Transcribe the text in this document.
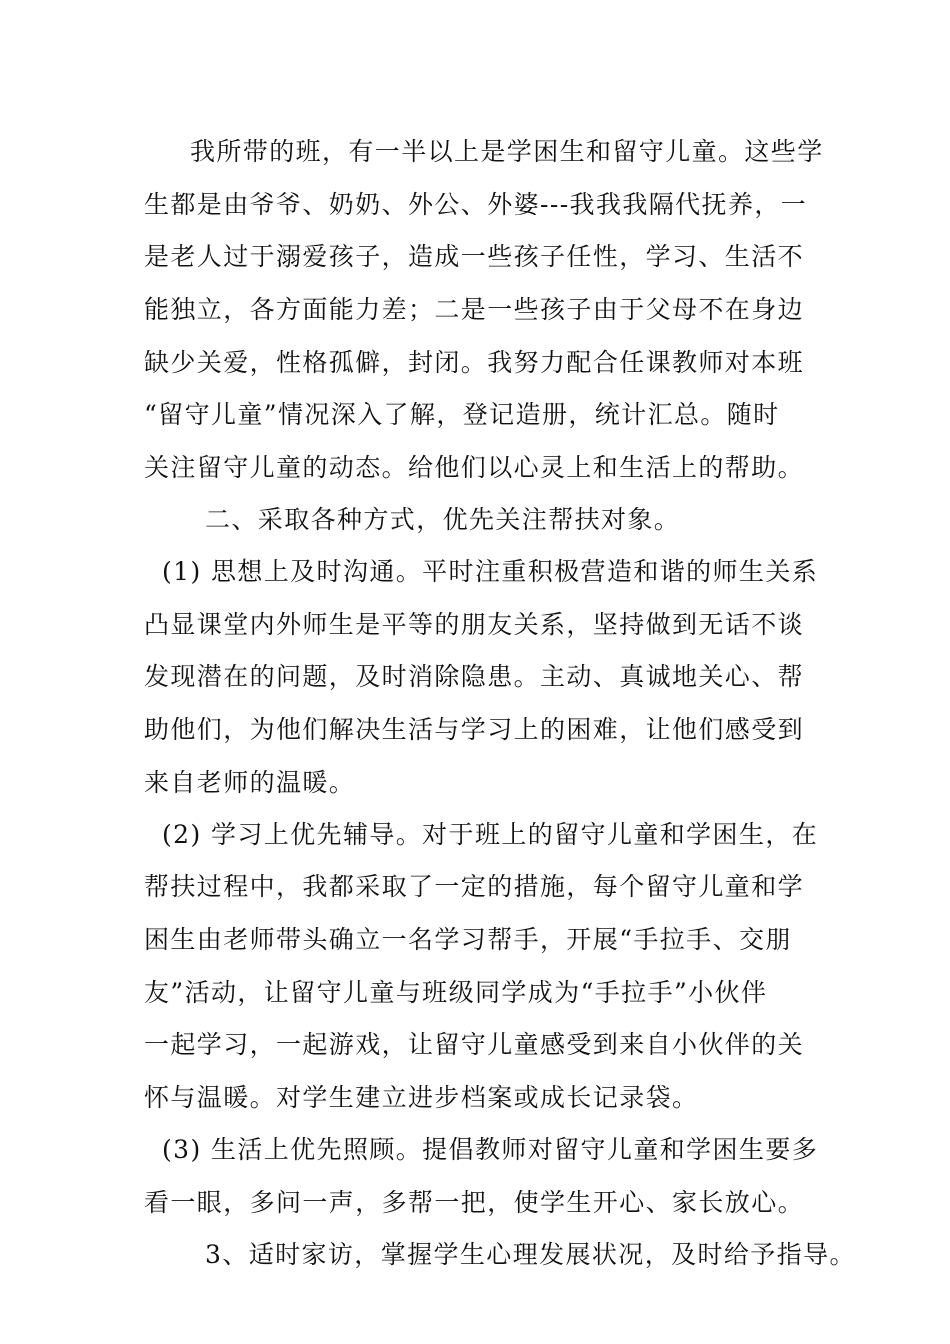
我所带的班，有一半以上是学困生和留守儿童。这些学
生都是由爷爷、奶奶、外公、外婆---我我我隔代抚养，一
是老人过于溺爱孩子，造成一些孩子任性，学习、生活不
能独立，各方面能力差；二是一些孩子由于父母不在身边
缺少关爱，性格孤僻，封闭。我努力配合任课教师对本班
“留守儿童”情况深入了解，登记造册，统计汇总。随时
关注留守儿童的动态。给他们以心灵上和生活上的帮助。
二、采取各种方式，优先关注帮扶对象。
(1) 思想上及时沟通。平时注重积极营造和谐的师生关系
凸显课堂内外师生是平等的朋友关系，坚持做到无话不谈
发现潜在的问题，及时消除隐患。主动、真诚地关心、帮
助他们，为他们解决生活与学习上的困难，让他们感受到
来自老师的温暖。
(2) 学习上优先辅导。对于班上的留守儿童和学困生，在
帮扶过程中，我都采取了一定的措施，每个留守儿童和学
困生由老师带头确立一名学习帮手，开展“手拉手、交朋
友”活动，让留守儿童与班级同学成为“手拉手”小伙伴
一起学习，一起游戏，让留守儿童感受到来自小伙伴的关
怀与温暖。对学生建立进步档案或成长记录袋。
(3) 生活上优先照顾。提倡教师对留守儿童和学困生要多
看一眼，多问一声，多帮一把，使学生开心、家长放心。
3、适时家访，掌握学生心理发展状况，及时给予指导。
